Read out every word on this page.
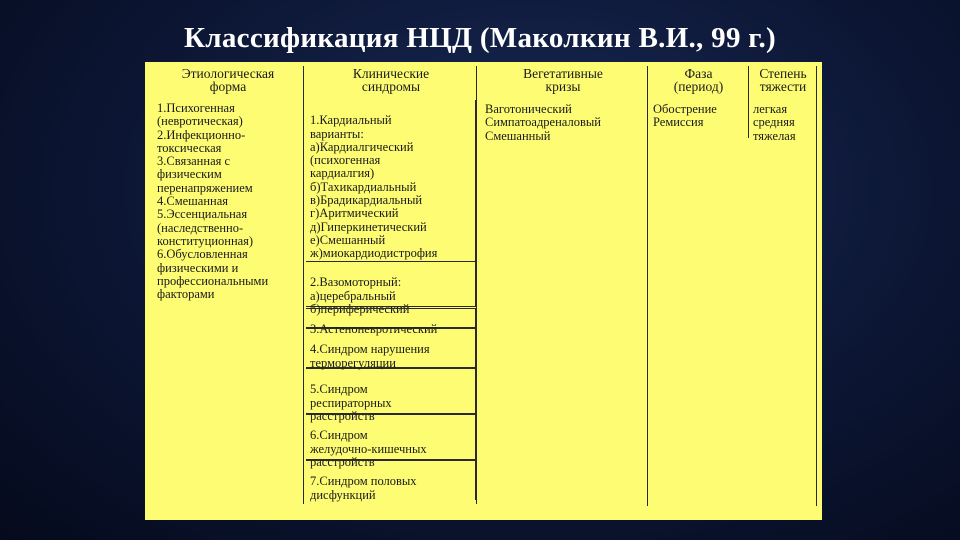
Классификация НЦД (Маколкин В.И., 99 г.)
Этиологическая
форма
Клинические
синдромы
Вегетативные
кризы
Фаза
(период)
Степень
тяжести
1.Психогенная
(невротическая)
2.Инфекционно-
токсическая
3.Связанная с
физическим
перенапряжением
4.Смешанная
5.Эссенциальная
(наследственно-
конституционная)
6.Обусловленная
физическими и
профессиональными
факторами

1.Кардиальный
варианты:
а)Кардиалгический
(психогенная
кардиалгия)
б)Тахикардиальный
в)Брадикардиальный
г)Аритмический
д)Гиперкинетический
е)Смешанный
ж)миокардиодистрофия

2.Вазомоторный:
а)церебральный
б)периферический

3.Астеноневротический

4.Синдром нарушения
терморегуляции

5.Синдром
респираторных
расстройств

6.Синдром
желудочно-кишечных
расстройств

7.Синдром половых
дисфункций

Ваготонический
Симпатоадреналовый
Смешанный
Обострение
Ремиссия
легкая
средняя
тяжелая
